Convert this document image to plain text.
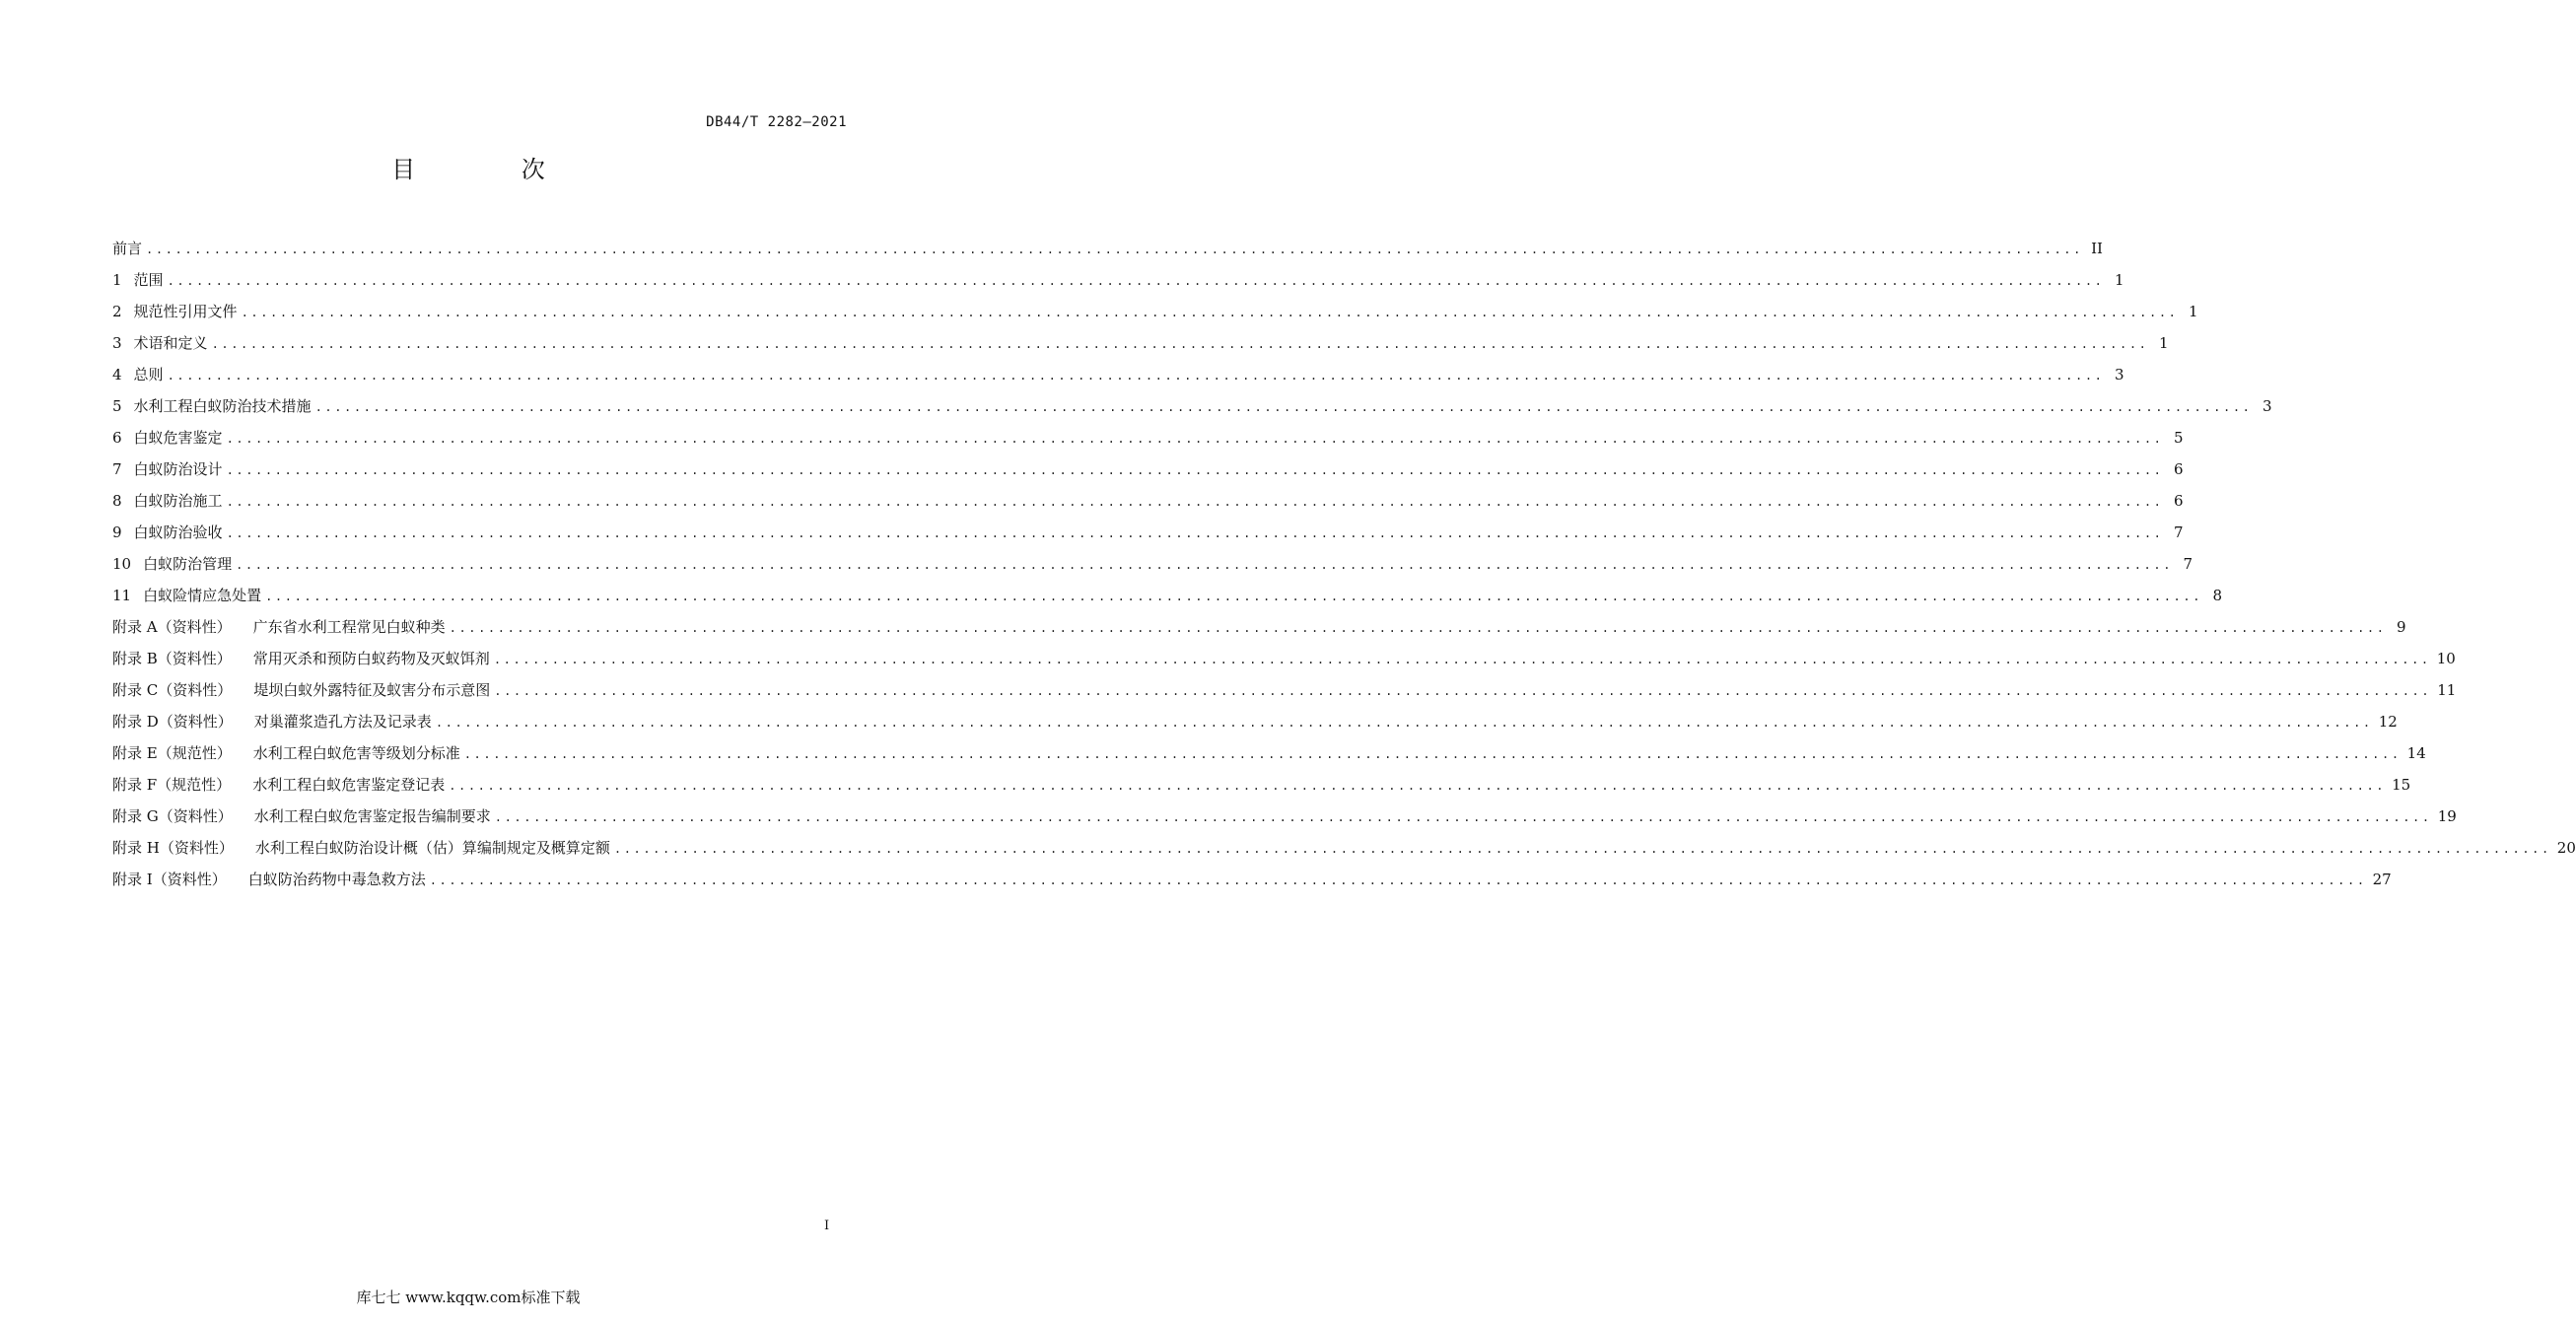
DB44/T 2282—2021
目 次
前言 ........................................................................................................................................................................................................ II
1 范围 ........................................................................................................................................................................................................ 1
2 规范性引用文件 ........................................................................................................................................................................................................ 1
3 术语和定义 ........................................................................................................................................................................................................ 1
4 总则 ........................................................................................................................................................................................................ 3
5 水利工程白蚁防治技术措施 ........................................................................................................................................................................................................ 3
6 白蚁危害鉴定 ........................................................................................................................................................................................................ 5
7 白蚁防治设计 ........................................................................................................................................................................................................ 6
8 白蚁防治施工 ........................................................................................................................................................................................................ 6
9 白蚁防治验收 ........................................................................................................................................................................................................ 7
10 白蚁防治管理 ........................................................................................................................................................................................................ 7
11 白蚁险情应急处置 ........................................................................................................................................................................................................ 8
附录 A（资料性） 广东省水利工程常见白蚁种类 ........................................................................................................................................................................................................ 9
附录 B（资料性） 常用灭杀和预防白蚁药物及灭蚁饵剂 ........................................................................................................................................................................................................ 10
附录 C（资料性） 堤坝白蚁外露特征及蚁害分布示意图 ........................................................................................................................................................................................................ 11
附录 D（资料性） 对巢灌浆造孔方法及记录表 ........................................................................................................................................................................................................ 12
附录 E（规范性） 水利工程白蚁危害等级划分标准 ........................................................................................................................................................................................................ 14
附录 F（规范性） 水利工程白蚁危害鉴定登记表 ........................................................................................................................................................................................................ 15
附录 G（资料性） 水利工程白蚁危害鉴定报告编制要求 ........................................................................................................................................................................................................ 19
附录 H（资料性） 水利工程白蚁防治设计概（估）算编制规定及概算定额 ........................................................................................................................................................................................................ 20
附录 I（资料性） 白蚁防治药物中毒急救方法 ........................................................................................................................................................................................................ 27
I
库七七 www.kqqw.com标准下载
